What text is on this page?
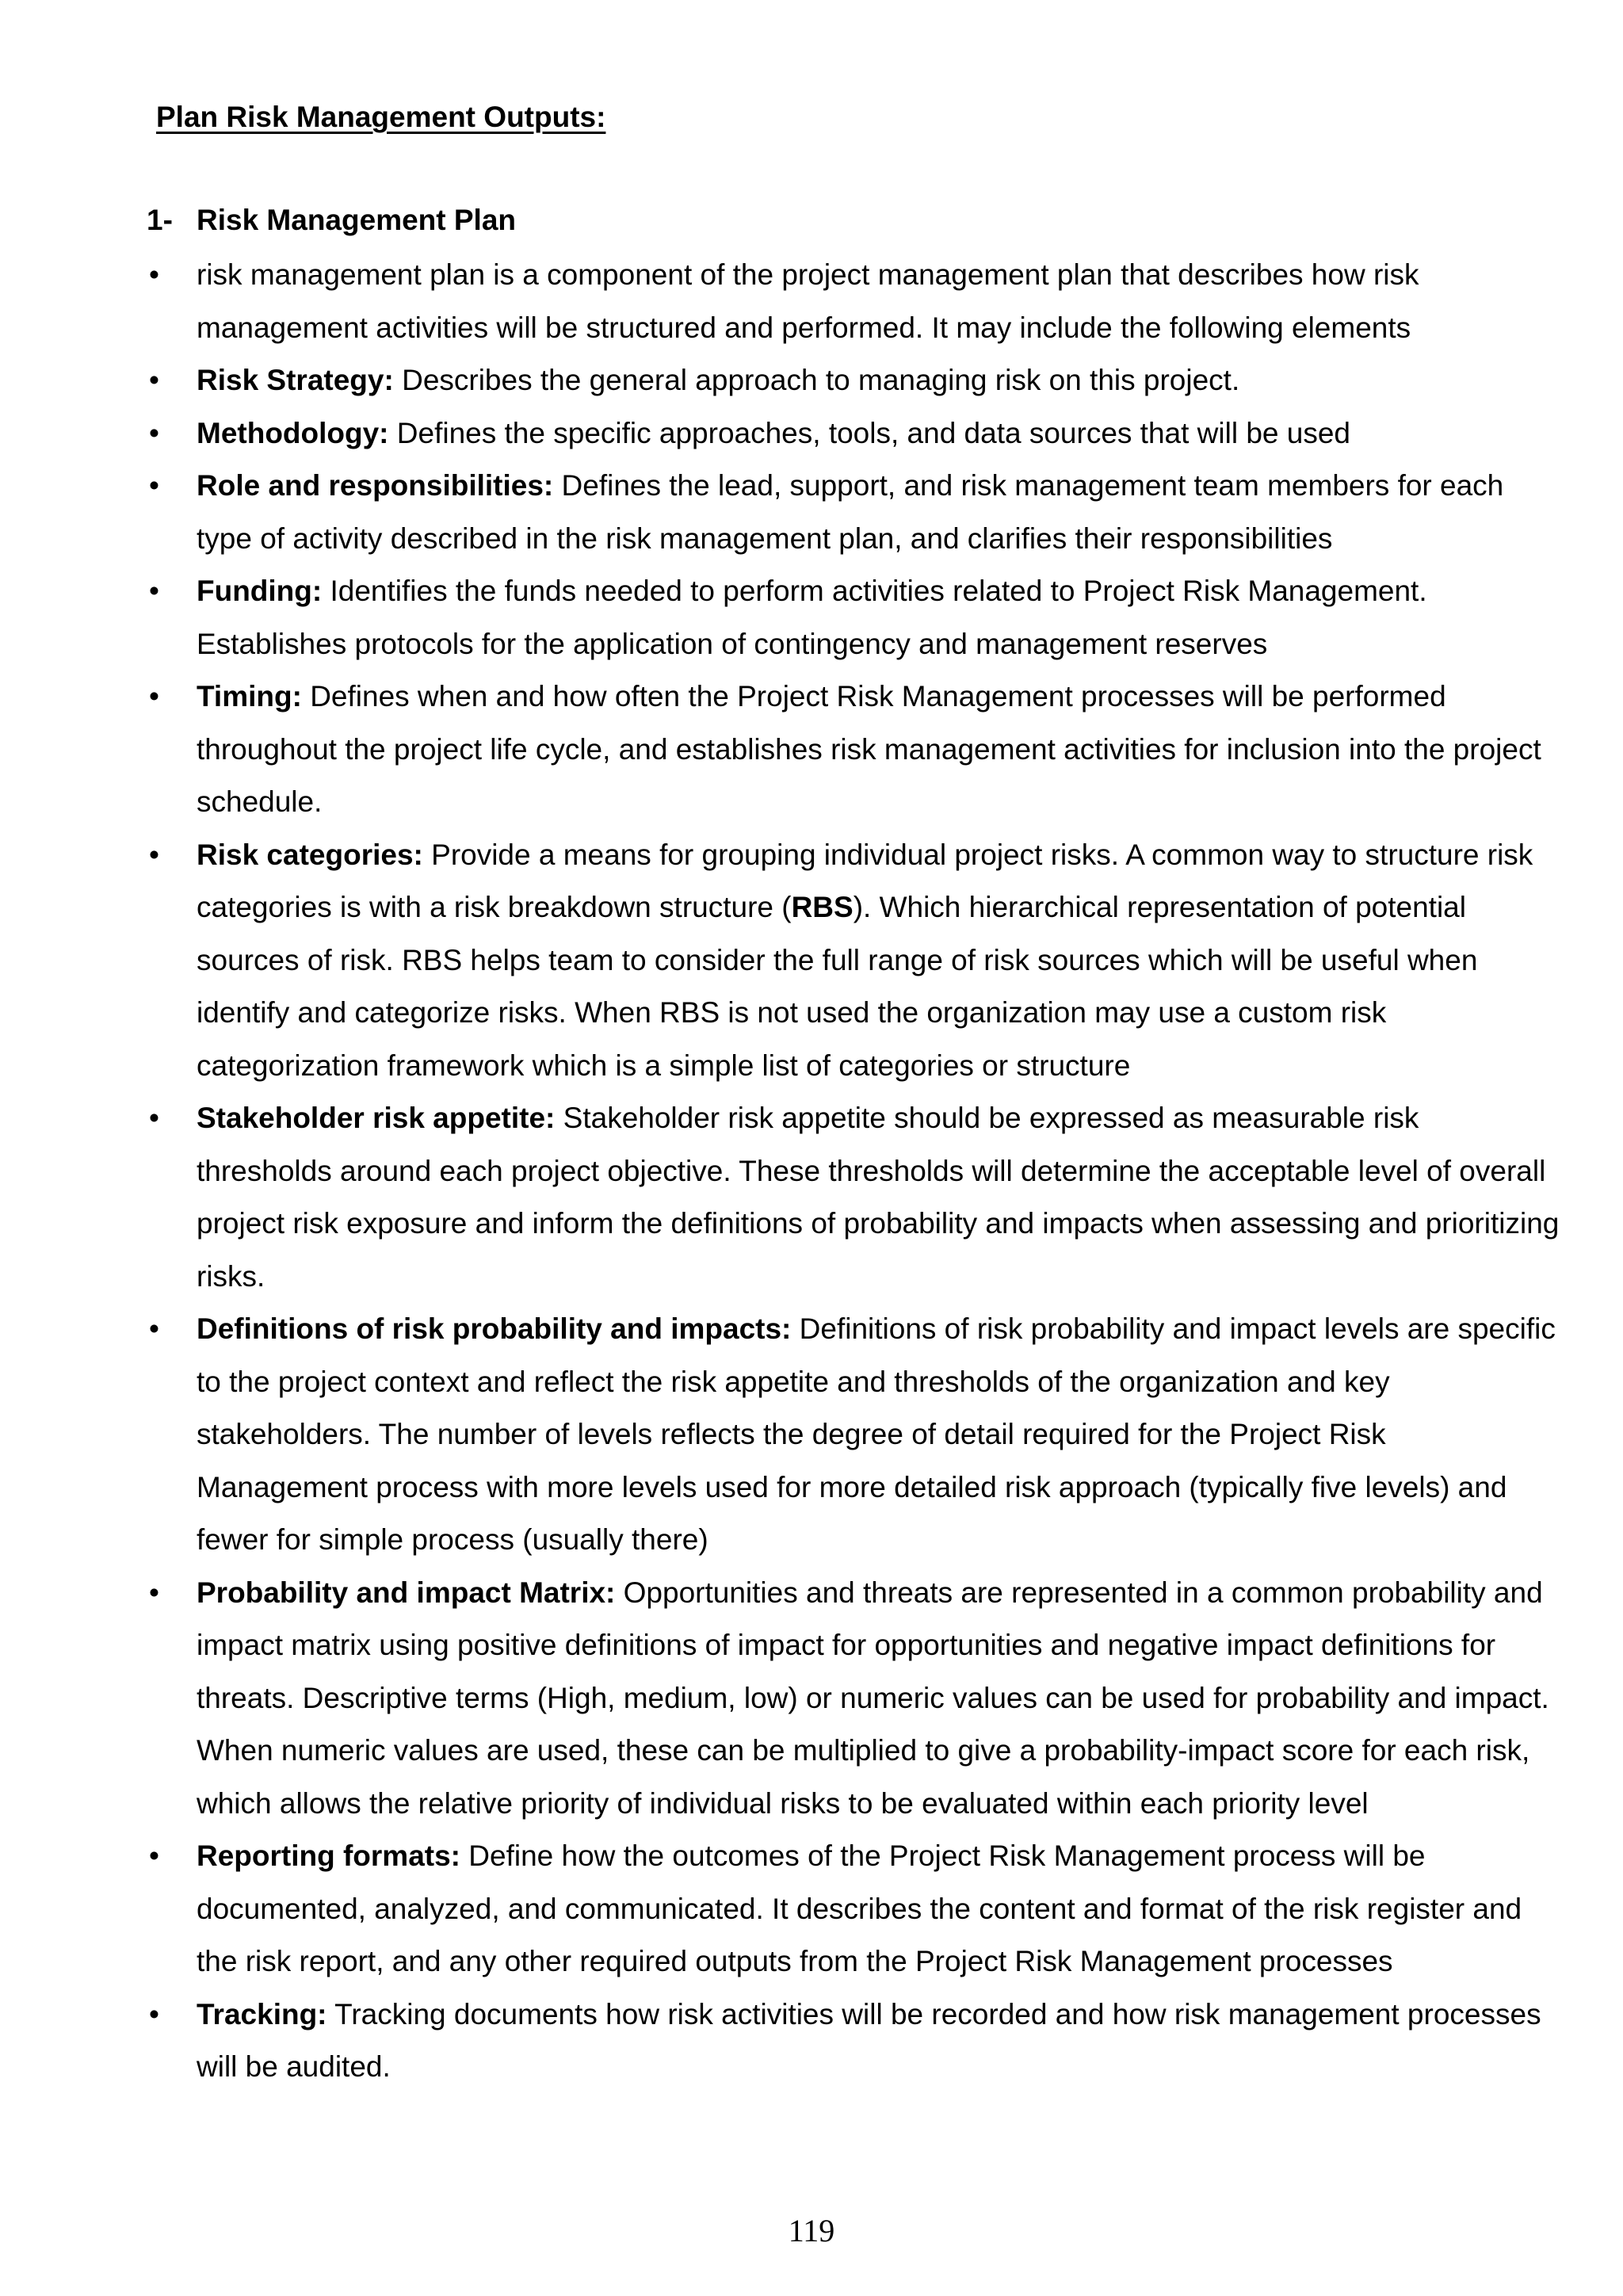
Plan Risk Management Outputs:
1- Risk Management Plan
• risk management plan is a component of the project management plan that describes how risk management activities will be structured and performed. It may include the following elements
• Risk Strategy: Describes the general approach to managing risk on this project.
• Methodology: Defines the specific approaches, tools, and data sources that will be used
• Role and responsibilities: Defines the lead, support, and risk management team members for each type of activity described in the risk management plan, and clarifies their responsibilities
• Funding: Identifies the funds needed to perform activities related to Project Risk Management. Establishes protocols for the application of contingency and management reserves
• Timing: Defines when and how often the Project Risk Management processes will be performed throughout the project life cycle, and establishes risk management activities for inclusion into the project schedule.
• Risk categories: Provide a means for grouping individual project risks. A common way to structure risk categories is with a risk breakdown structure (RBS). Which hierarchical representation of potential sources of risk. RBS helps team to consider the full range of risk sources which will be useful when identify and categorize risks. When RBS is not used the organization may use a custom risk categorization framework which is a simple list of categories or structure
• Stakeholder risk appetite: Stakeholder risk appetite should be expressed as measurable risk thresholds around each project objective. These thresholds will determine the acceptable level of overall project risk exposure and inform the definitions of probability and impacts when assessing and prioritizing risks.
• Definitions of risk probability and impacts: Definitions of risk probability and impact levels are specific to the project context and reflect the risk appetite and thresholds of the organization and key stakeholders. The number of levels reflects the degree of detail required for the Project Risk Management process with more levels used for more detailed risk approach (typically five levels) and fewer for simple process (usually there)
• Probability and impact Matrix: Opportunities and threats are represented in a common probability and impact matrix using positive definitions of impact for opportunities and negative impact definitions for threats. Descriptive terms (High, medium, low) or numeric values can be used for probability and impact. When numeric values are used, these can be multiplied to give a probability-impact score for each risk, which allows the relative priority of individual risks to be evaluated within each priority level
• Reporting formats: Define how the outcomes of the Project Risk Management process will be documented, analyzed, and communicated. It describes the content and format of the risk register and the risk report, and any other required outputs from the Project Risk Management processes
• Tracking: Tracking documents how risk activities will be recorded and how risk management processes will be audited.

119
